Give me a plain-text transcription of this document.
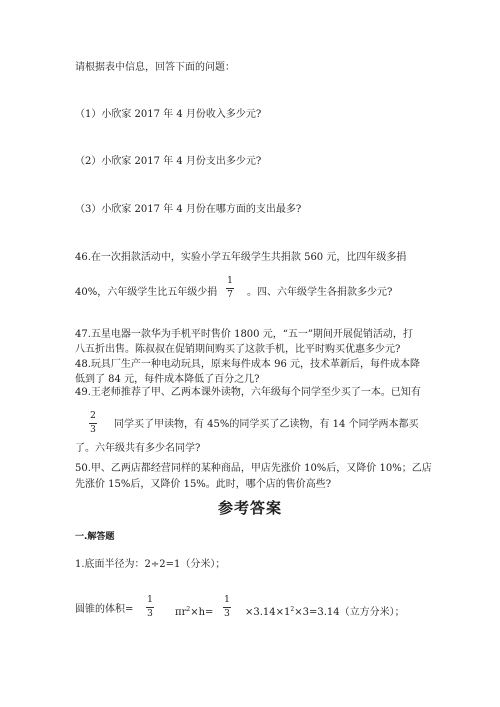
请根据表中信息，回答下面的问题：
（1）小欣家 2017 年 4 月份收入多少元?
（2）小欣家 2017 年 4 月份支出多少元?
（3）小欣家 2017 年 4 月份在哪方面的支出最多?
46.在一次捐款活动中，实验小学五年级学生共捐款 560 元，比四年级多捐
40%，六年级学生比五年级少捐
1
7 。四、六年级学生各捐款多少元?
47.五星电器一款华为手机平时售价 1800 元，“五一”期间开展促销活动，打
八五折出售。陈叔叔在促销期间购买了这款手机，比平时购买优惠多少元?
48.玩具厂生产一种电动玩具，原来每件成本 96 元，技术革新后，每件成本降
低到了 84 元，每件成本降低了百分之几?
49.王老师推荐了甲、乙两本课外读物，六年级每个同学至少买了一本。已知有
2
3 同学买了甲读物，有 45%的同学买了乙读物，有 14 个同学两本都买
了。六年级共有多少名同学?
50.甲、乙两店都经营同样的某种商品，甲店先涨价 10%后，又降价 10%；乙店
先涨价 15%后，又降价 15%。此时，哪个店的售价高些?
参考答案
一.解答题
1.底面半径为：2÷2=1（分米）；
圆锥的体积=
1
3 $\pi r^2\times h=$
1
$3 \times 3.14\times 1^2\times 3=3.14$（立方分米）；
